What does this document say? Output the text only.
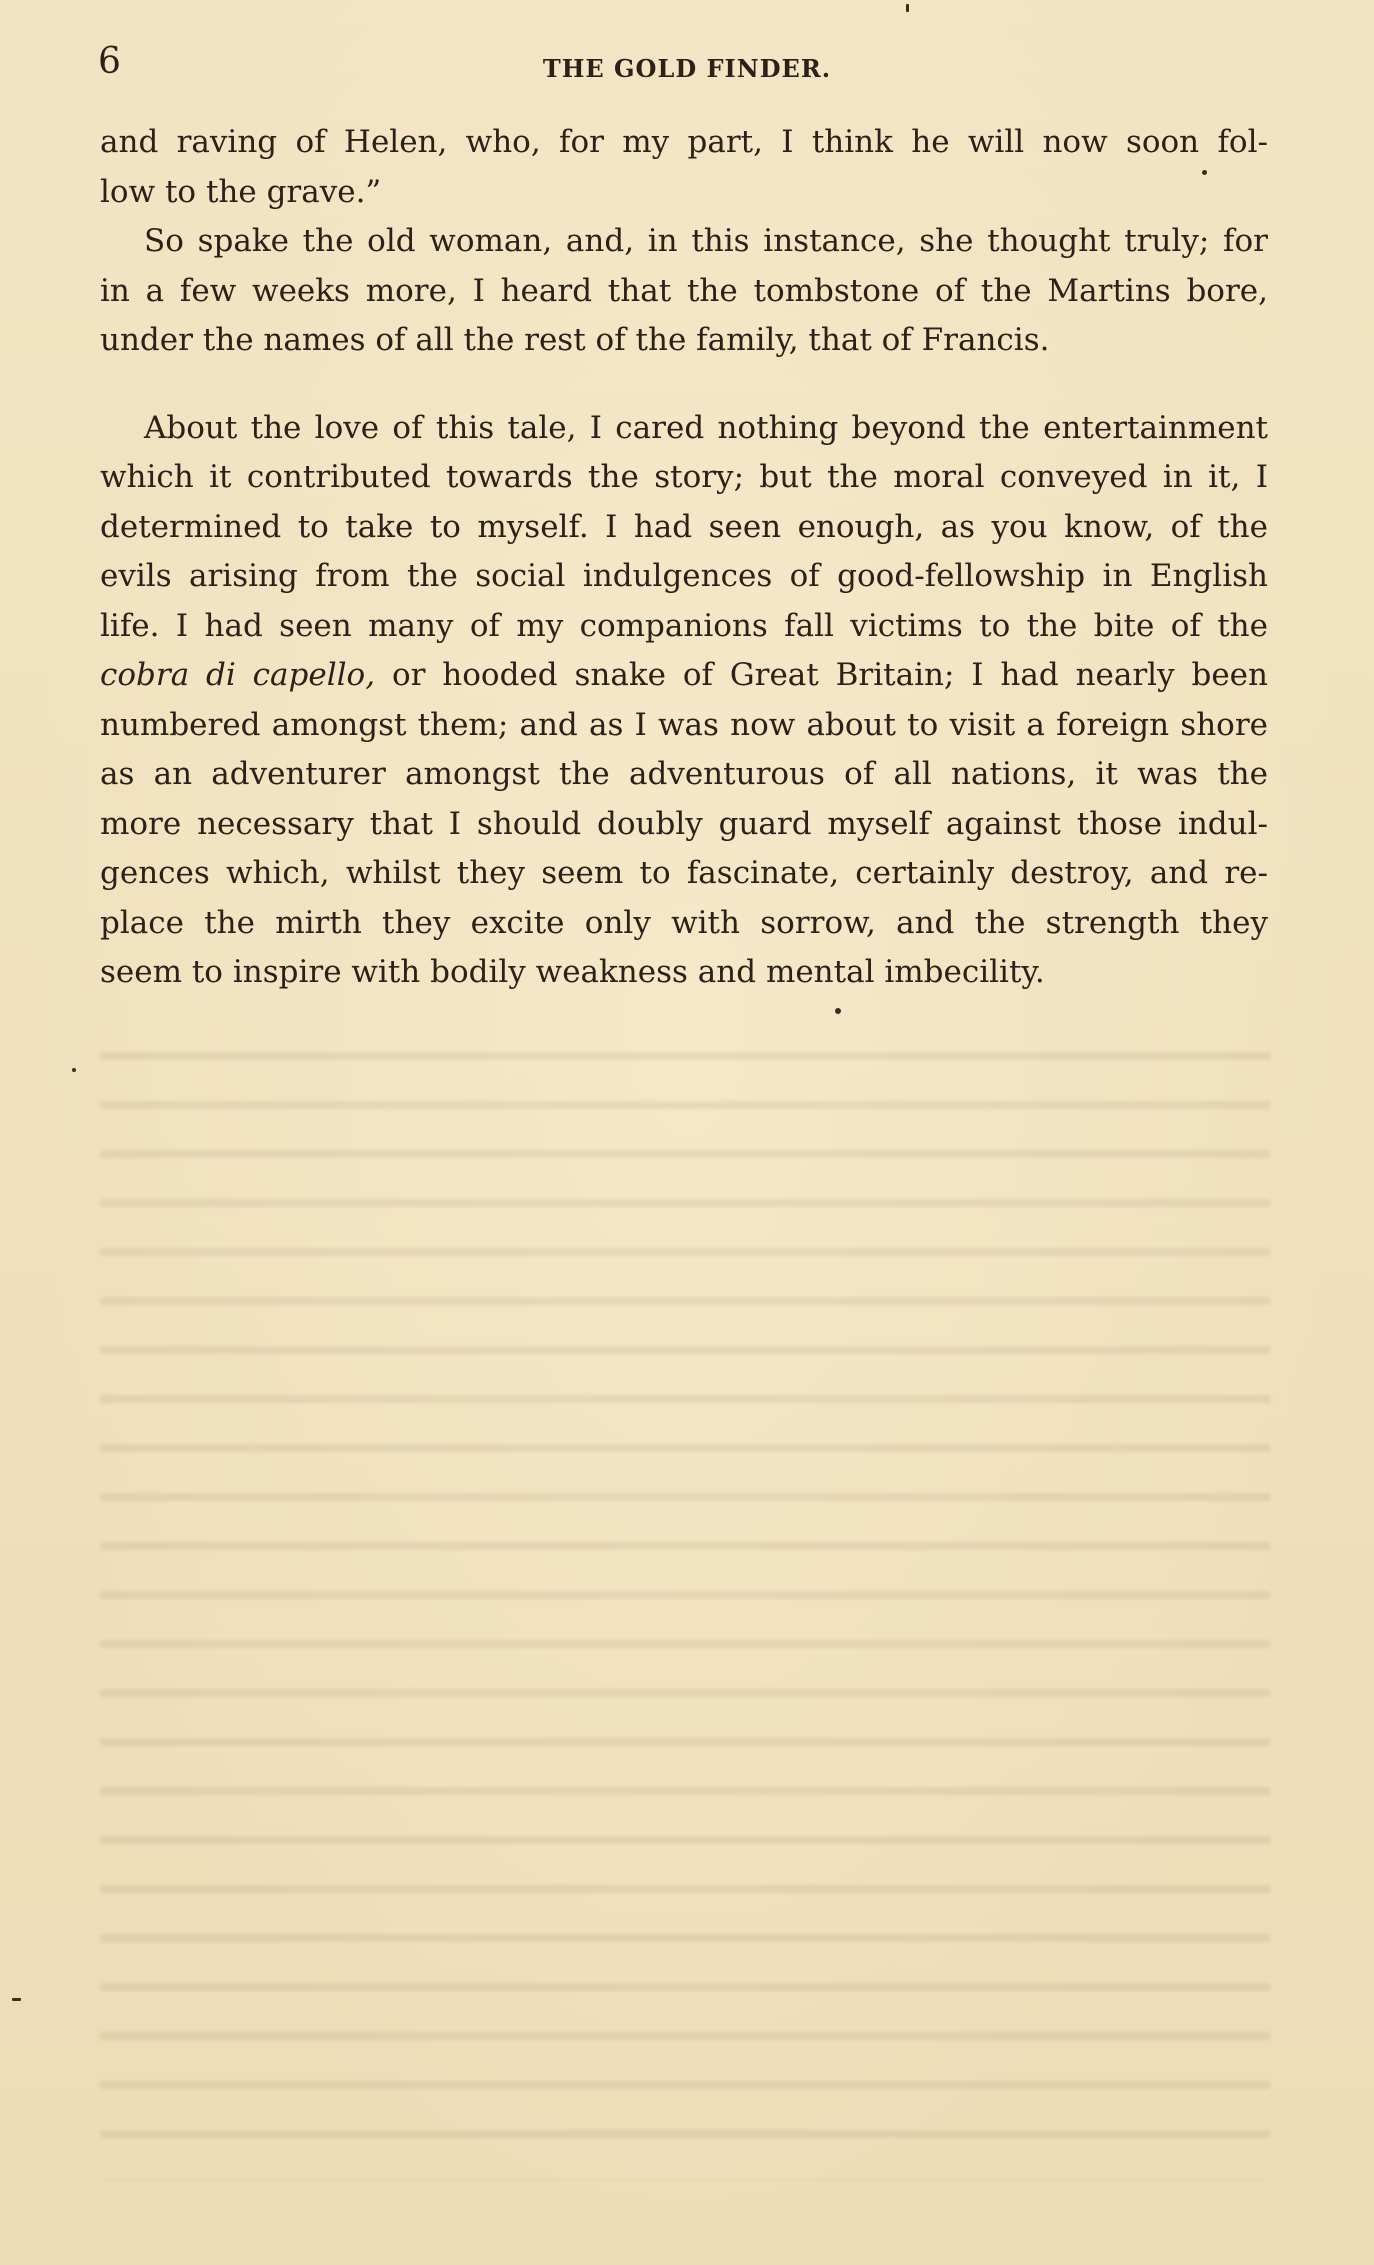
6	THE GOLD FINDER.

and raving of Helen, who, for my part, I think he will now soon fol-
low to the grave.”
So spake the old woman, and, in this instance, she thought truly; for
in a few weeks more, I heard that the tombstone of the Martins bore,
under the names of all the rest of the family, that of Francis.
About the love of this tale, I cared nothing beyond the entertainment
which it contributed towards the story; but the moral conveyed in it, I
determined to take to myself. I had seen enough, as you know, of the
evils arising from the social indulgences of good-fellowship in English
life. I had seen many of my companions fall victims to the bite of the
cobra di capello, or hooded snake of Great Britain; I had nearly been
numbered amongst them; and as I was now about to visit a foreign shore
as an adventurer amongst the adventurous of all nations, it was the
more necessary that I should doubly guard myself against those indul-
gences which, whilst they seem to fascinate, certainly destroy, and re-
place the mirth they excite only with sorrow, and the strength they
seem to inspire with bodily weakness and mental imbecility.
